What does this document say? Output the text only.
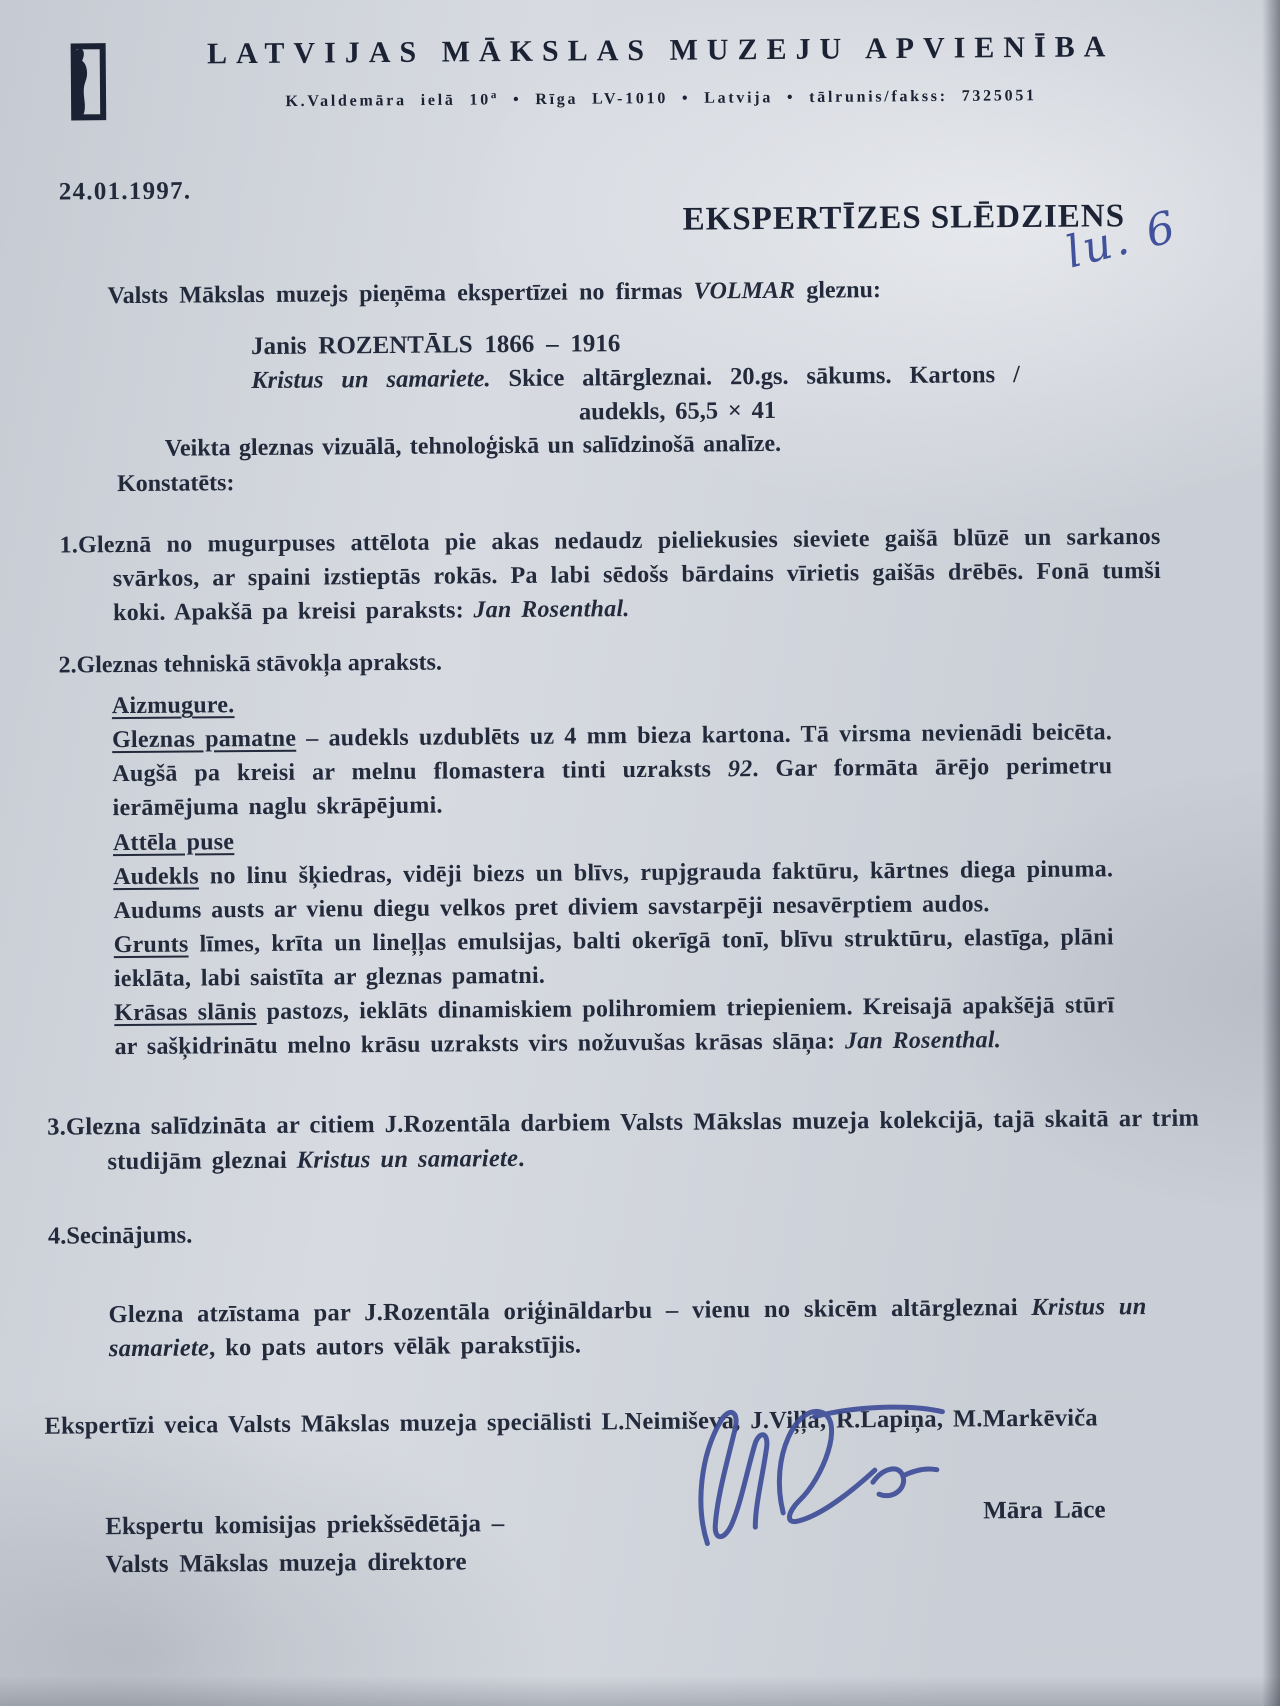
LATVIJAS MĀKSLAS MUZEJU APVIENĪBA
K.Valdemāra ielā 10$^a$ • Rīga LV-1010 • Latvija • tālrunis/fakss: 7325051
24.01.1997.
EKSPERTĪZES SLĒDZIENS
lu. 6

Valsts Mākslas muzejs pieņēma ekspertīzei no firmas VOLMAR gleznu:

Janis ROZENTĀLS 1866 – 1916

Kristus un samariete. Skice altārgleznai. 20.gs. sākums. Kartons /

audekls, 65,5 × 41

Veikta gleznas vizuālā, tehnoloģiskā un salīdzinošā analīze.

Konstatēts:

1.Gleznā no mugurpuses attēlota pie akas nedaudz pieliekusies sieviete gaišā blūzē un sarkanos svārkos, ar spaini izstieptās rokās. Pa labi sēdošs bārdains vīrietis gaišās drēbēs. Fonā tumši koki. Apakšā pa kreisi paraksts: Jan Rosenthal.

2.Gleznas tehniskā stāvokļa apraksts.

Aizmugure.

Gleznas pamatne – audekls uzdublēts uz 4 mm bieza kartona. Tā virsma nevienādi beicēta. Augšā pa kreisi ar melnu flomastera tinti uzraksts 92. Gar formāta ārējo perimetru ierāmējuma naglu skrāpējumi.

Attēla puse

Audekls no linu šķiedras, vidēji biezs un blīvs, rupjgrauda faktūru, kārtnes diega pinuma. Audums austs ar vienu diegu velkos pret diviem savstarpēji nesavērptiem audos.

Grunts līmes, krīta un lineļļas emulsijas, balti okerīgā tonī, blīvu struktūru, elastīga, plāni ieklāta, labi saistīta ar gleznas pamatni.

Krāsas slānis pastozs, ieklāts dinamiskiem polihromiem triepieniem. Kreisajā apakšējā stūrī ar sašķidrinātu melno krāsu uzraksts virs nožuvušas krāsas slāņa: Jan Rosenthal.

3.Glezna salīdzināta ar citiem J.Rozentāla darbiem Valsts Mākslas muzeja kolekcijā, tajā skaitā ar trim studijām gleznai Kristus un samariete.

4.Secinājums.

Glezna atzīstama par J.Rozentāla oriģināldarbu – vienu no skicēm altārgleznai Kristus un samariete, ko pats autors vēlāk parakstījis.

Ekspertīzi veica Valsts Mākslas muzeja speciālisti L.Neimiševa, J.Viļļa, R.Lapiņa, M.Markēviča

Ekspertu komisijas priekšsēdētāja –
Valsts Mākslas muzeja direktore
Māra Lāce
